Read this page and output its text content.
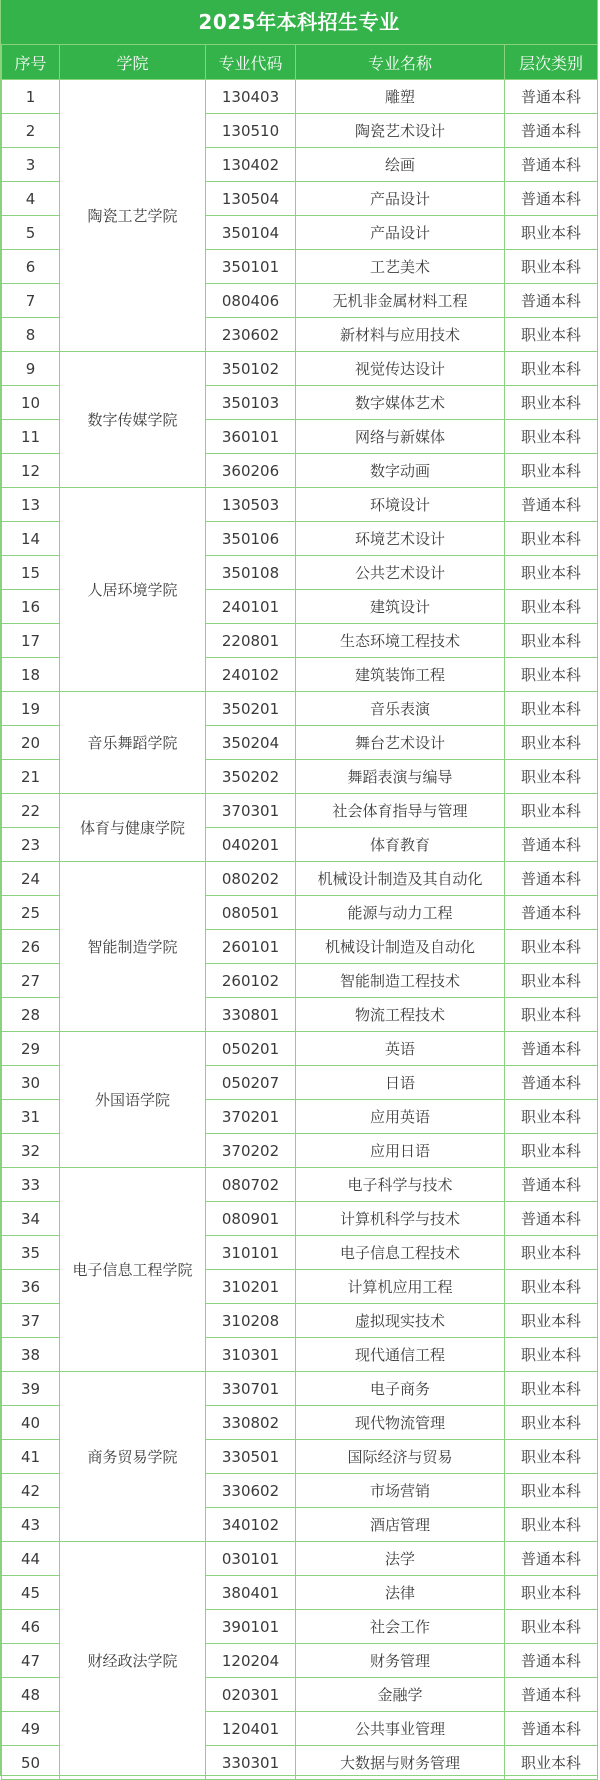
2025年本科招生专业
序号	学院	专业代码	专业名称	层次类别
1	陶瓷工艺学院	130403	雕塑	普通本科
2		130510	陶瓷艺术设计	普通本科
3		130402	绘画	普通本科
4		130504	产品设计	普通本科
5		350104	产品设计	职业本科
6		350101	工艺美术	职业本科
7		080406	无机非金属材料工程	普通本科
8		230602	新材料与应用技术	职业本科
9	数字传媒学院	350102	视觉传达设计	职业本科
10		350103	数字媒体艺术	职业本科
11		360101	网络与新媒体	职业本科
12		360206	数字动画	职业本科
13	人居环境学院	130503	环境设计	普通本科
14		350106	环境艺术设计	职业本科
15		350108	公共艺术设计	职业本科
16		240101	建筑设计	职业本科
17		220801	生态环境工程技术	职业本科
18		240102	建筑装饰工程	职业本科
19	音乐舞蹈学院	350201	音乐表演	职业本科
20		350204	舞台艺术设计	职业本科
21		350202	舞蹈表演与编导	职业本科
22	体育与健康学院	370301	社会体育指导与管理	职业本科
23		040201	体育教育	普通本科
24	智能制造学院	080202	机械设计制造及其自动化	普通本科
25		080501	能源与动力工程	普通本科
26		260101	机械设计制造及自动化	职业本科
27		260102	智能制造工程技术	职业本科
28		330801	物流工程技术	职业本科
29	外国语学院	050201	英语	普通本科
30		050207	日语	普通本科
31		370201	应用英语	职业本科
32		370202	应用日语	职业本科
33	电子信息工程学院	080702	电子科学与技术	普通本科
34		080901	计算机科学与技术	普通本科
35		310101	电子信息工程技术	职业本科
36		310201	计算机应用工程	职业本科
37		310208	虚拟现实技术	职业本科
38		310301	现代通信工程	职业本科
39	商务贸易学院	330701	电子商务	职业本科
40		330802	现代物流管理	职业本科
41		330501	国际经济与贸易	职业本科
42		330602	市场营销	职业本科
43		340102	酒店管理	职业本科
44	财经政法学院	030101	法学	普通本科
45		380401	法律	职业本科
46		390101	社会工作	职业本科
47		120204	财务管理	普通本科
48		020301	金融学	普通本科
49		120401	公共事业管理	普通本科
50		330301	大数据与财务管理	职业本科
